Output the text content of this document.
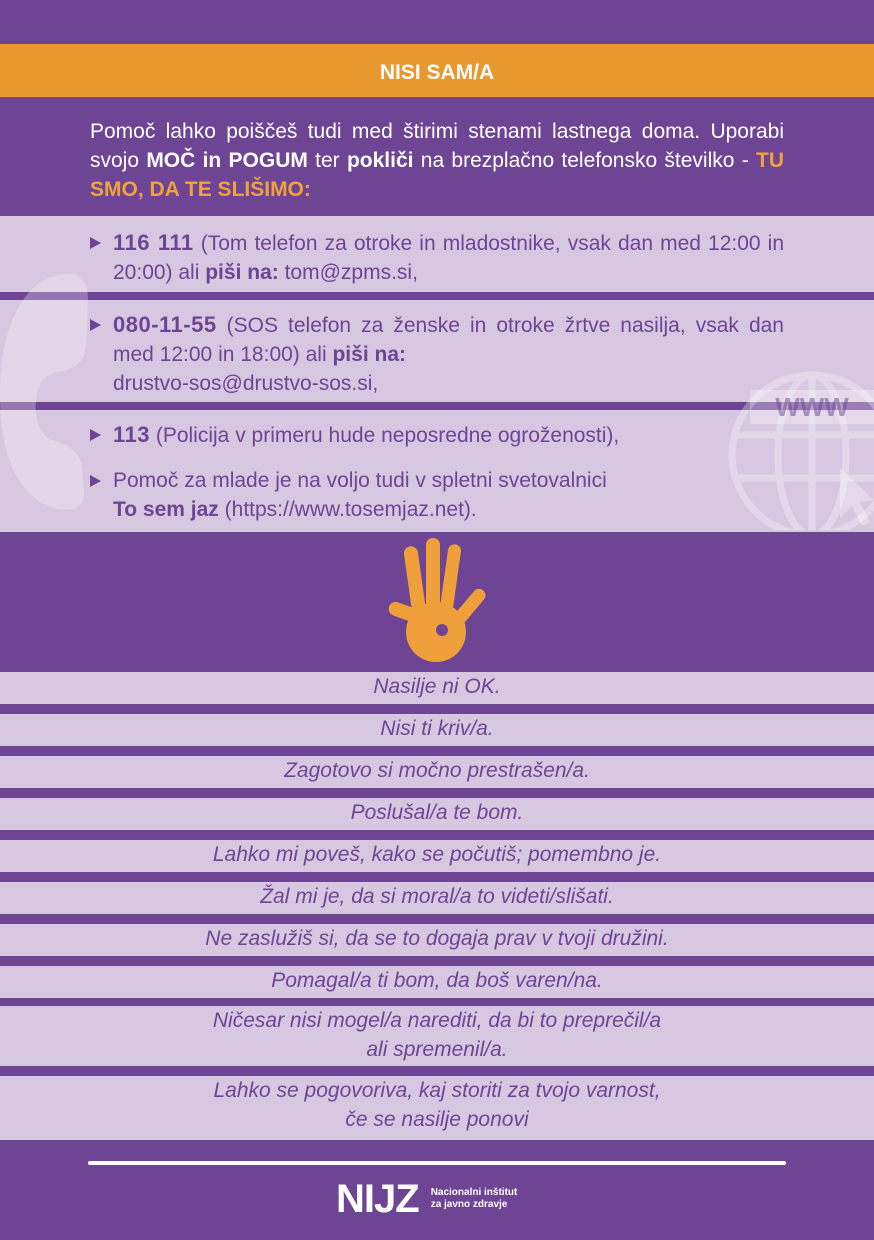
NISI SAM/A
Pomoč lahko poiščeš tudi med štirimi stenami lastnega doma. Uporabi svojo MOČ in POGUM ter pokliči na brezplačno telefonsko številko - TU SMO, DA TE SLIŠIMO:
WWW
116 111 (Tom telefon za otroke in mladostnike, vsak dan med 12:00 in 20:00) ali piši na: tom@zpms.si,
080-11-55 (SOS telefon za ženske in otroke žrtve nasilja, vsak dan med 12:00 in 18:00) ali piši na:
drustvo-sos@drustvo-sos.si,
113 (Policija v primeru hude neposredne ogroženosti),
Pomoč za mlade je na voljo tudi v spletni svetovalnici
To sem jaz (https://www.tosemjaz.net).
Nasilje ni OK.
Nisi ti kriv/a.
Zagotovo si močno prestrašen/a.
Poslušal/a te bom.
Lahko mi poveš, kako se počutiš; pomembno je.
Žal mi je, da si moral/a to videti/slišati.
Ne zaslužiš si, da se to dogaja prav v tvoji družini.
Pomagal/a ti bom, da boš varen/na.
Ničesar nisi mogel/a narediti, da bi to preprečil/a
ali spremenil/a.
Lahko se pogovoriva, kaj storiti za tvojo varnost,
če se nasilje ponovi
NIJZ Nacionalni inštitut
za javno zdravje
